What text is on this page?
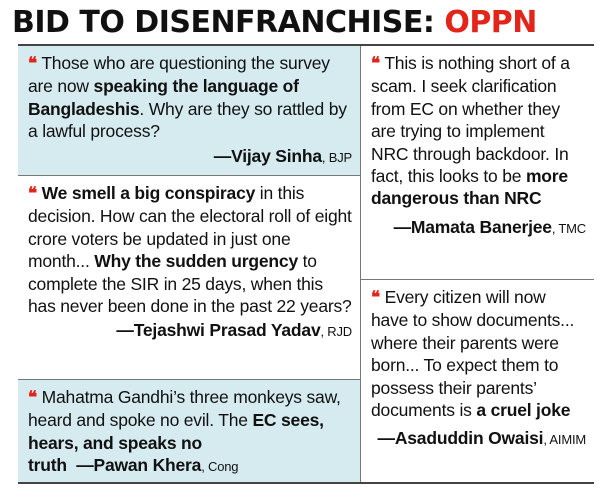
BID TO DISENFRANCHISE: OPPN

❝ Those who are questioning the survey are now speaking the language of Bangladeshis. Why are they so rattled by a lawful process?

—Vijay Sinha, BJP

❝ We smell a big conspiracy in this decision. How can the electoral roll of eight crore voters be updated in just one month... Why the sudden urgency to complete the SIR in 25 days, when this has never been done in the past 22 years?

—Tejashwi Prasad Yadav, RJD

❝ Mahatma Gandhi’s three monkeys saw, heard and spoke no evil. The EC sees, hears, and speaks no truth —Pawan Khera, Cong

❝ This is nothing short of a scam. I seek clarification from EC on whether they are trying to implement NRC through backdoor. In fact, this looks to be more dangerous than NRC

—Mamata Banerjee, TMC

❝ Every citizen will now have to show documents... where their parents were born... To expect them to possess their parents’ documents is a cruel joke

—Asaduddin Owaisi, AIMIM
